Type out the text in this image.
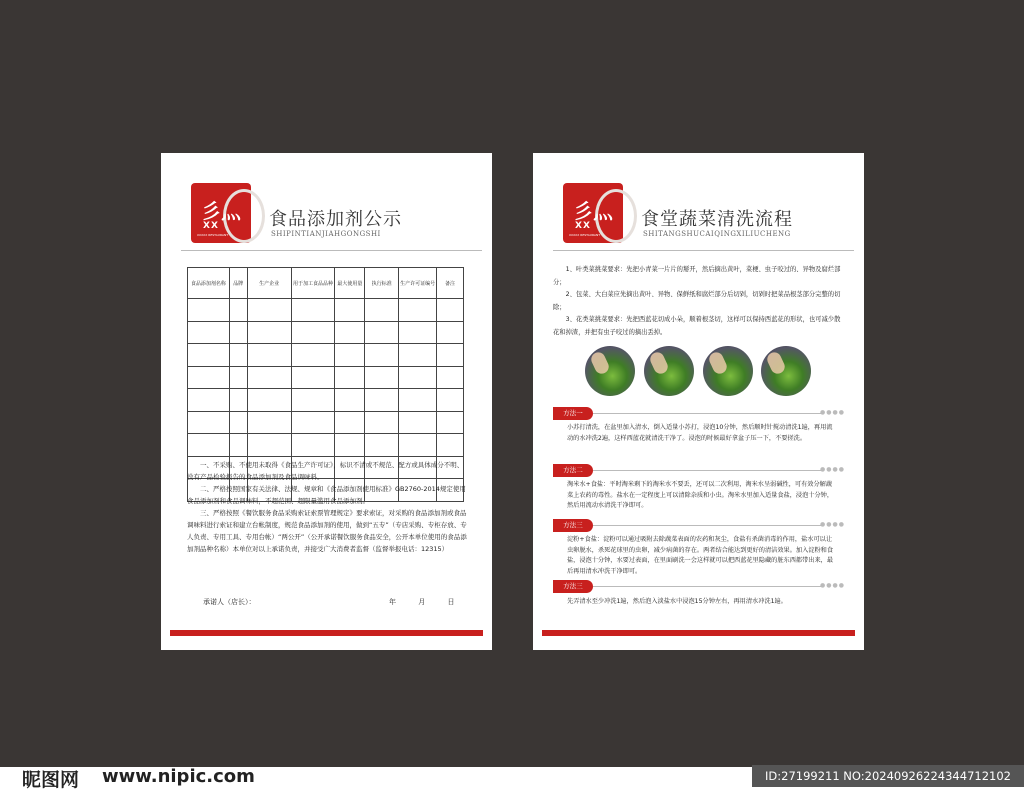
⼺⺣
XX
XXXXX RESTAURANT
食品添加剂公示
SHIPINTIANJIAHGONGSHI
食品添加剂名称	品牌	生产企业	用于加工食品品种	最大使用量	执行标准	生产许可证编号	备注

一、不采购、不使用未取得《食品生产许可证》，标识不清或不规范、配方或具体成分不明、没有产品检验报告的食品添加剂及食品调味料。

二、严格按照国家有关法律、法规、规章和《食品添加剂使用标准》GB2760-2014规定使用食品添加剂和食品调味料，不超范围、超限量滥用食品添加剂。

三、严格按照《餐饮服务食品采购索证索票管理规定》要求索证，对采购的食品添加剂或食品调味料进行索证和建立台帐制度，规范食品添加剂的使用，做到“五专”（专店采购、专柜存放、专人负责、专用工具、专用台帐）“两公开”（公开承诺餐饮服务食品安全，公开本单位使用的食品添加剂品种名称）本单位对以上承诺负责，并接受广大消费者监督（监督举报电话：12315）

承诺人（店长）：	年 月 日
⼺⺣
XX
XXXXX RESTAURANT
食堂蔬菜清洗流程
SHITANGSHUCAIQINGXILIUCHENG

1、叶类菜挑菜要求：先把小青菜一片片的掰开，然后摘出黄叶，菜梗、虫子咬过的、异物及腐烂部分；

2、包菜、大白菜应先摘出黄叶、异物、保鲜纸和腐烂部分后切剁，切剁时把菜品根茎部分完整的切除；

3、花类菜挑菜要求：先把西蓝花切成小朵，顺着根茎切，这样可以保持西蓝花的形状，也可减少散花和掉渣，并把有虫子咬过的摘出丢掉。

方法一	●●●●
小苏打清洗，在盆里加入清水，倒入适量小苏打，浸泡10分钟，然后顺时针搅动清洗1遍，再用流动的水冲洗2遍，这样西蓝花就清洗干净了。浸泡的时候最好拿盆子压一下，不要搓洗。
方法二	●●●●
淘米水+食盐：平时淘米剩下的淘米水不要丢，还可以二次利用，淘米水呈弱碱性，可有效分解蔬菜上农药的毒性。盐水在一定程度上可以清除杂质和小虫。淘米水里加入适量食盐，浸泡十分钟，然后用流动水清洗干净即可。
方法三	●●●●
淀粉+食盐：淀粉可以通过吸附去除蔬菜表面的农药和灰尘，食盐有杀菌消毒的作用，盐水可以让虫卵脱水，杀死花球里的虫卵，减少病菌的存在。两者结合能达到更好的清洁效果。加入淀粉和食盐，浸泡十分钟，水要过表面，在里面刷洗一会这样就可以把西蓝花里隐藏的脏东西都带出来，最后再用清水冲洗干净即可。
方法三	●●●●
先弄清水至少冲洗1遍，然后泡入淡盐水中浸泡15分钟左右，再用清水冲洗1遍。
昵图网 www.nipic.com	ID:27199211 NO:20240926224344712102
